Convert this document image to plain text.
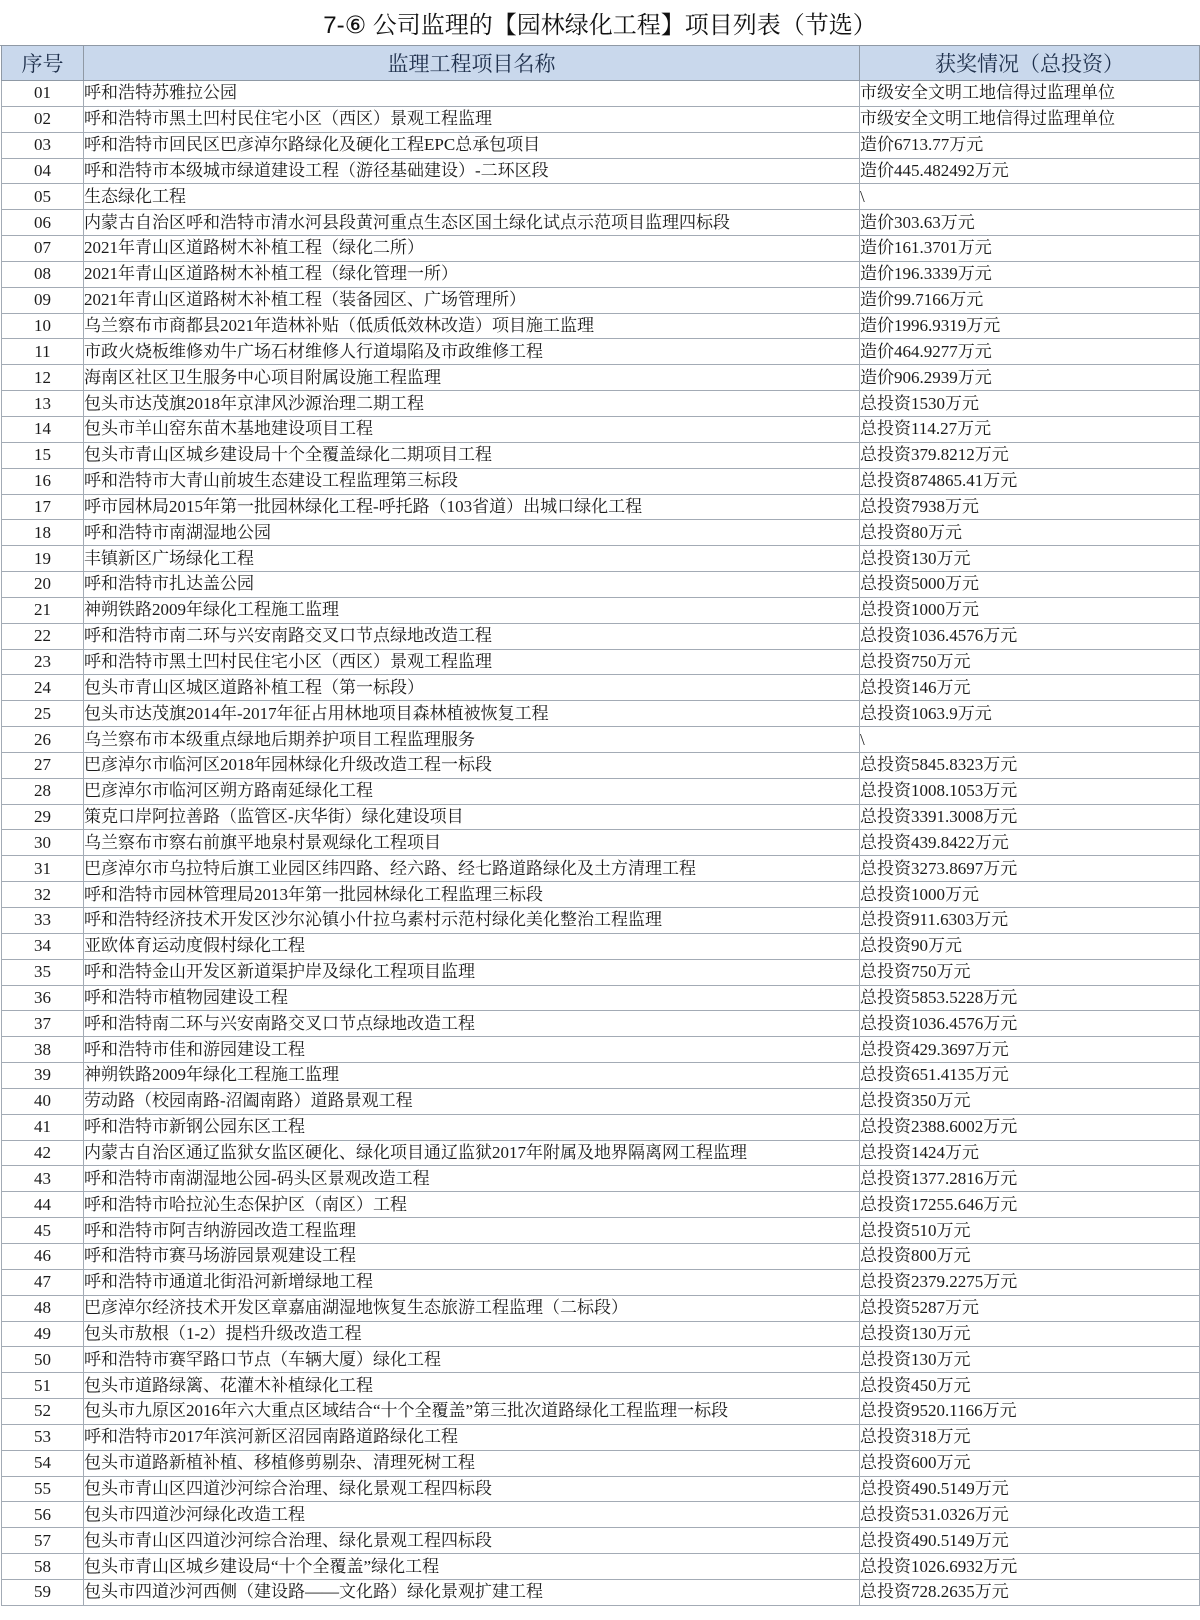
7-⑥ 公司监理的【园林绿化工程】项目列表（节选）
序号	监理工程项目名称	获奖情况（总投资）
01	呼和浩特苏雅拉公园	市级安全文明工地信得过监理单位
02	呼和浩特市黑土凹村民住宅小区（西区）景观工程监理	市级安全文明工地信得过监理单位
03	呼和浩特市回民区巴彦淖尔路绿化及硬化工程EPC总承包项目	造价6713.77万元
04	呼和浩特市本级城市绿道建设工程（游径基础建设）-二环区段	造价445.482492万元
05	生态绿化工程	\
06	内蒙古自治区呼和浩特市清水河县段黄河重点生态区国土绿化试点示范项目监理四标段	造价303.63万元
07	2021年青山区道路树木补植工程（绿化二所）	造价161.3701万元
08	2021年青山区道路树木补植工程（绿化管理一所）	造价196.3339万元
09	2021年青山区道路树木补植工程（装备园区、广场管理所）	造价99.7166万元
10	乌兰察布市商都县2021年造林补贴（低质低效林改造）项目施工监理	造价1996.9319万元
11	市政火烧板维修劝牛广场石材维修人行道塌陷及市政维修工程	造价464.9277万元
12	海南区社区卫生服务中心项目附属设施工程监理	造价906.2939万元
13	包头市达茂旗2018年京津风沙源治理二期工程	总投资1530万元
14	包头市羊山窑东苗木基地建设项目工程	总投资114.27万元
15	包头市青山区城乡建设局十个全覆盖绿化二期项目工程	总投资379.8212万元
16	呼和浩特市大青山前坡生态建设工程监理第三标段	总投资874865.41万元
17	呼市园林局2015年第一批园林绿化工程-呼托路（103省道）出城口绿化工程	总投资7938万元
18	呼和浩特市南湖湿地公园	总投资80万元
19	丰镇新区广场绿化工程	总投资130万元
20	呼和浩特市扎达盖公园	总投资5000万元
21	神朔铁路2009年绿化工程施工监理	总投资1000万元
22	呼和浩特市南二环与兴安南路交叉口节点绿地改造工程	总投资1036.4576万元
23	呼和浩特市黑土凹村民住宅小区（西区）景观工程监理	总投资750万元
24	包头市青山区城区道路补植工程（第一标段）	总投资146万元
25	包头市达茂旗2014年-2017年征占用林地项目森林植被恢复工程	总投资1063.9万元
26	乌兰察布市本级重点绿地后期养护项目工程监理服务	\
27	巴彦淖尔市临河区2018年园林绿化升级改造工程一标段	总投资5845.8323万元
28	巴彦淖尔市临河区朔方路南延绿化工程	总投资1008.1053万元
29	策克口岸阿拉善路（监管区-庆华街）绿化建设项目	总投资3391.3008万元
30	乌兰察布市察右前旗平地泉村景观绿化工程项目	总投资439.8422万元
31	巴彦淖尔市乌拉特后旗工业园区纬四路、经六路、经七路道路绿化及土方清理工程	总投资3273.8697万元
32	呼和浩特市园林管理局2013年第一批园林绿化工程监理三标段	总投资1000万元
33	呼和浩特经济技术开发区沙尔沁镇小什拉乌素村示范村绿化美化整治工程监理	总投资911.6303万元
34	亚欧体育运动度假村绿化工程	总投资90万元
35	呼和浩特金山开发区新道渠护岸及绿化工程项目监理	总投资750万元
36	呼和浩特市植物园建设工程	总投资5853.5228万元
37	呼和浩特南二环与兴安南路交叉口节点绿地改造工程	总投资1036.4576万元
38	呼和浩特市佳和游园建设工程	总投资429.3697万元
39	神朔铁路2009年绿化工程施工监理	总投资651.4135万元
40	劳动路（校园南路-沼阖南路）道路景观工程	总投资350万元
41	呼和浩特市新钢公园东区工程	总投资2388.6002万元
42	内蒙古自治区通辽监狱女监区硬化、绿化项目通辽监狱2017年附属及地界隔离网工程监理	总投资1424万元
43	呼和浩特市南湖湿地公园-码头区景观改造工程	总投资1377.2816万元
44	呼和浩特市哈拉沁生态保护区（南区）工程	总投资17255.646万元
45	呼和浩特市阿吉纳游园改造工程监理	总投资510万元
46	呼和浩特市赛马场游园景观建设工程	总投资800万元
47	呼和浩特市通道北街沿河新增绿地工程	总投资2379.2275万元
48	巴彦淖尔经济技术开发区章嘉庙湖湿地恢复生态旅游工程监理（二标段）	总投资5287万元
49	包头市敖根（1-2）提档升级改造工程	总投资130万元
50	呼和浩特市赛罕路口节点（车辆大厦）绿化工程	总投资130万元
51	包头市道路绿篱、花灌木补植绿化工程	总投资450万元
52	包头市九原区2016年六大重点区域结合“十个全覆盖”第三批次道路绿化工程监理一标段	总投资9520.1166万元
53	呼和浩特市2017年滨河新区沼园南路道路绿化工程	总投资318万元
54	包头市道路新植补植、移植修剪剔杂、清理死树工程	总投资600万元
55	包头市青山区四道沙河综合治理、绿化景观工程四标段	总投资490.5149万元
56	包头市四道沙河绿化改造工程	总投资531.0326万元
57	包头市青山区四道沙河综合治理、绿化景观工程四标段	总投资490.5149万元
58	包头市青山区城乡建设局“十个全覆盖”绿化工程	总投资1026.6932万元
59	包头市四道沙河西侧（建设路——文化路）绿化景观扩建工程	总投资728.2635万元
